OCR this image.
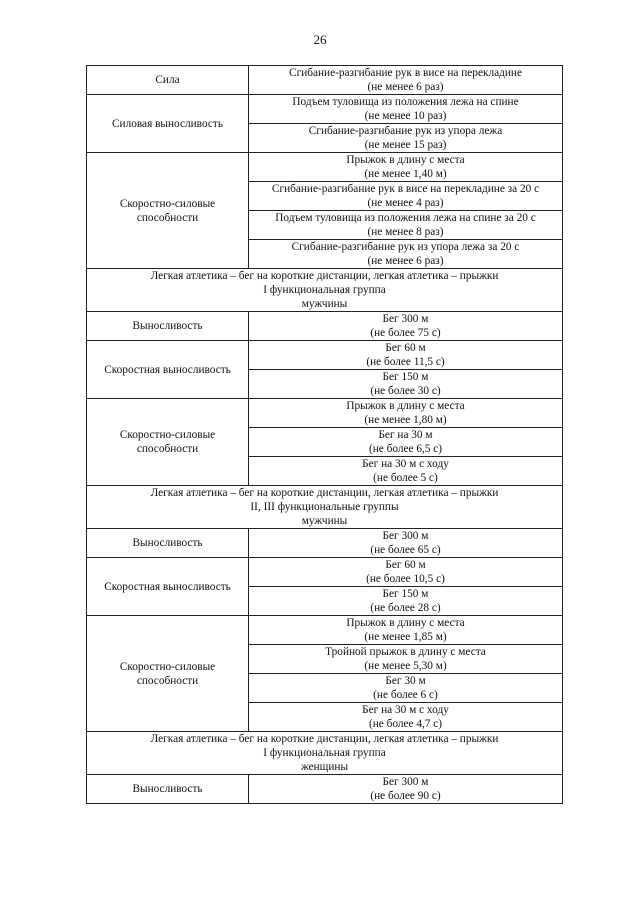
26
Сила	Сгибание-разгибание рук в висе на перекладине
(не менее 6 раз)

Силовая выносливость	Подъем туловища из положения лежа на спине
(не менее 10 раз)

	Сгибание-разгибание рук из упора лежа
(не менее 15 раз)

Скоростно-силовые способности	Прыжок в длину с места
(не менее 1,40 м)

	Сгибание-разгибание рук в висе на перекладине за 20 с
(не менее 4 раз)

	Подъем туловища из положения лежа на спине за 20 с
(не менее 8 раз)

	Сгибание-разгибание рук из упора лежа за 20 с
(не менее 6 раз)

Легкая атлетика – бег на короткие дистанции, легкая атлетика – прыжки
I функциональная группа
мужчины	

Выносливость	Бег 300 м
(не более 75 с)

Скоростная выносливость	Бег 60 м
(не более 11,5 с)

	Бег 150 м
(не более 30 с)

Скоростно-силовые способности	Прыжок в длину с места
(не менее 1,80 м)

	Бег на 30 м
(не более 6,5 с)

	Бег на 30 м с ходу
(не более 5 с)

Легкая атлетика – бег на короткие дистанции, легкая атлетика – прыжки
II, III функциональные группы
мужчины	

Выносливость	Бег 300 м
(не более 65 с)

Скоростная выносливость	Бег 60 м
(не более 10,5 с)

	Бег 150 м
(не более 28 с)

Скоростно-силовые способности	Прыжок в длину с места
(не менее 1,85 м)

	Тройной прыжок в длину с места
(не менее 5,30 м)

	Бег 30 м
(не более 6 с)

	Бег на 30 м с ходу
(не более 4,7 с)

Легкая атлетика – бег на короткие дистанции, легкая атлетика – прыжки
I функциональная группа
женщины	

Выносливость	Бег 300 м
(не более 90 с)
